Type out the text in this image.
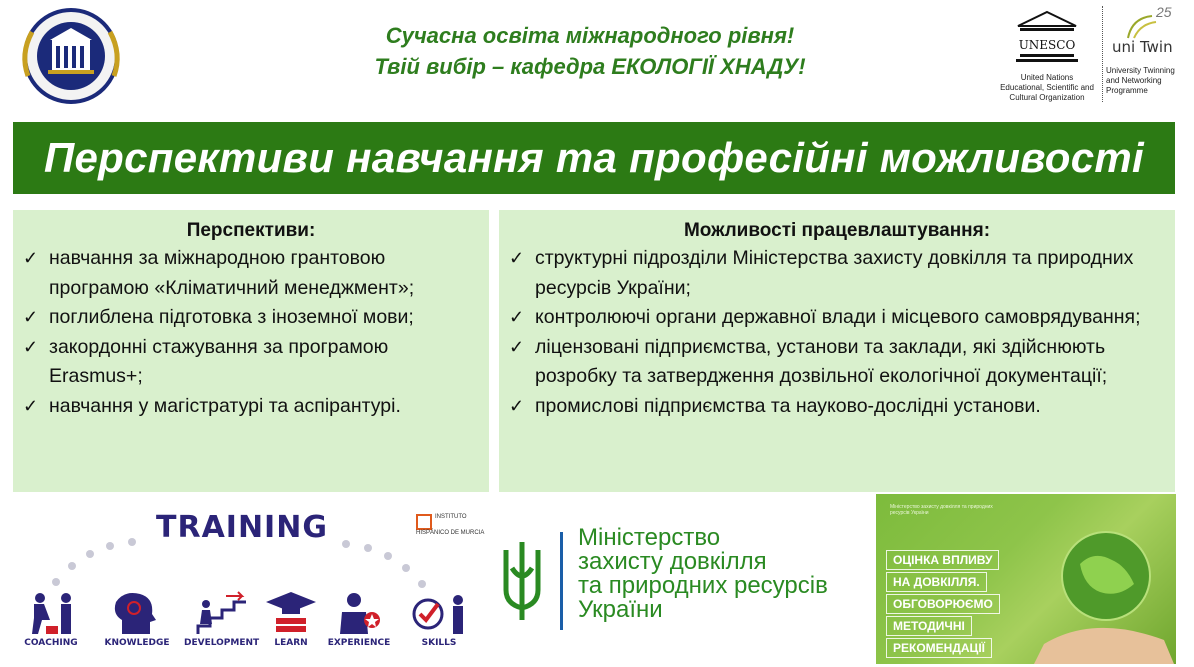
Сучасна освіта міжнародного рівня!
Твій вибір – кафедра ЕКОЛОГІЇ ХНАДУ!
UNESCO
United Nations
Educational, Scientific and
Cultural Organization
25
uni Twin
University Twinning
and Networking
Programme
Перспективи навчання та професійні можливості
Перспективи:
✓ навчання за міжнародною грантовою програмою «Кліматичний менеджмент»;
✓ поглиблена підготовка з іноземної мови;
✓ закордонні стажування за програмою Erasmus+;
✓ навчання у магістратурі та аспірантурі.
Можливості працевлаштування:
✓ структурні підрозділи Міністерства захисту довкілля та природних ресурсів України;
✓ контролюючі органи державної влади і місцевого самоврядування;
✓ ліцензовані підприємства, установи та заклади, які здійснюють розробку та затвердження дозвільної екологічної документації;
✓ промислові підприємства та науково-дослідні установи.
TRAINING	INSTITUTO HISPÁNICO DE MURCIA
COACHING	KNOWLEDGE DEVELOPMENT	LEARN	EXPERIENCE	SKILLS
Міністерство
захисту довкілля
та природних ресурсів
України
Міністерство захисту довкілля та природних ресурсів України
ОЦІНКА ВПЛИВУ
НА ДОВКІЛЛЯ.
ОБГОВОРЮЄМО
МЕТОДИЧНІ
РЕКОМЕНДАЦІЇ
